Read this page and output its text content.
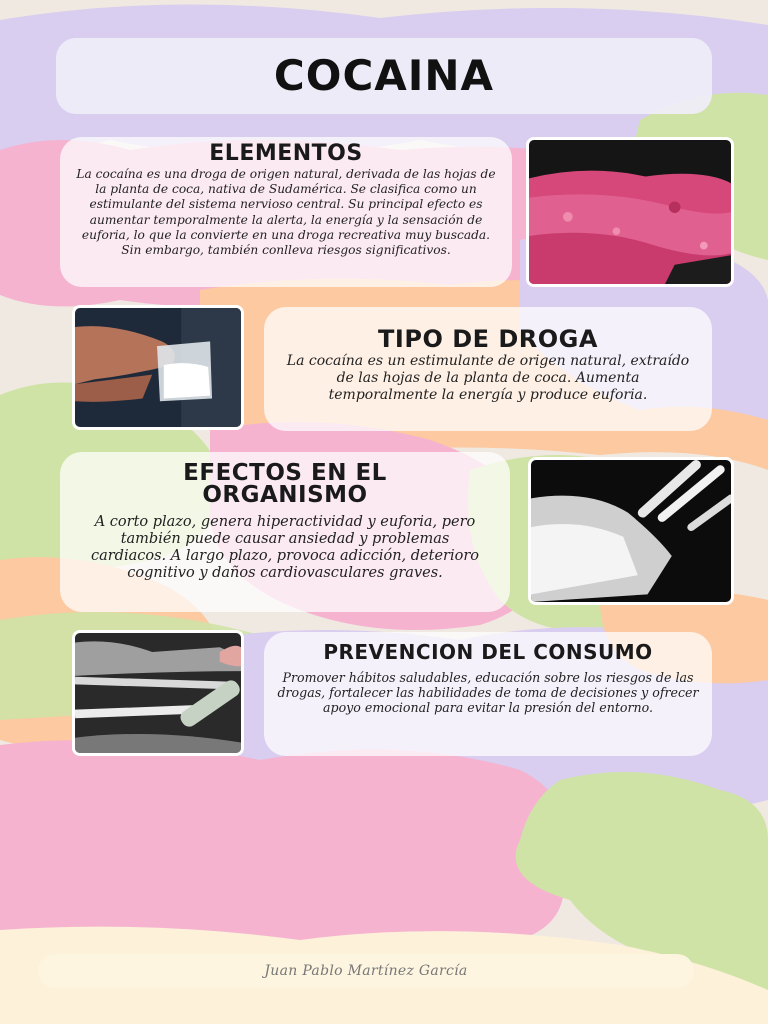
COCAINA
ELEMENTOS

La cocaína es una droga de origen natural, derivada de las hojas de la planta de coca, nativa de Sudamérica. Se clasifica como un estimulante del sistema nervioso central. Su principal efecto es aumentar temporalmente la alerta, la energía y la sensación de euforia, lo que la convierte en una droga recreativa muy buscada. Sin embargo, también conlleva riesgos significativos.

TIPO DE DROGA

La cocaína es un estimulante de origen natural, extraído de las hojas de la planta de coca. Aumenta temporalmente la energía y produce euforia.

EFECTOS EN EL ORGANISMO

A corto plazo, genera hiperactividad y euforia, pero también puede causar ansiedad y problemas cardiacos. A largo plazo, provoca adicción, deterioro cognitivo y daños cardiovasculares graves.

PREVENCION DEL CONSUMO

Promover hábitos saludables, educación sobre los riesgos de las drogas, fortalecer las habilidades de toma de decisiones y ofrecer apoyo emocional para evitar la presión del entorno.

Juan Pablo Martínez García
